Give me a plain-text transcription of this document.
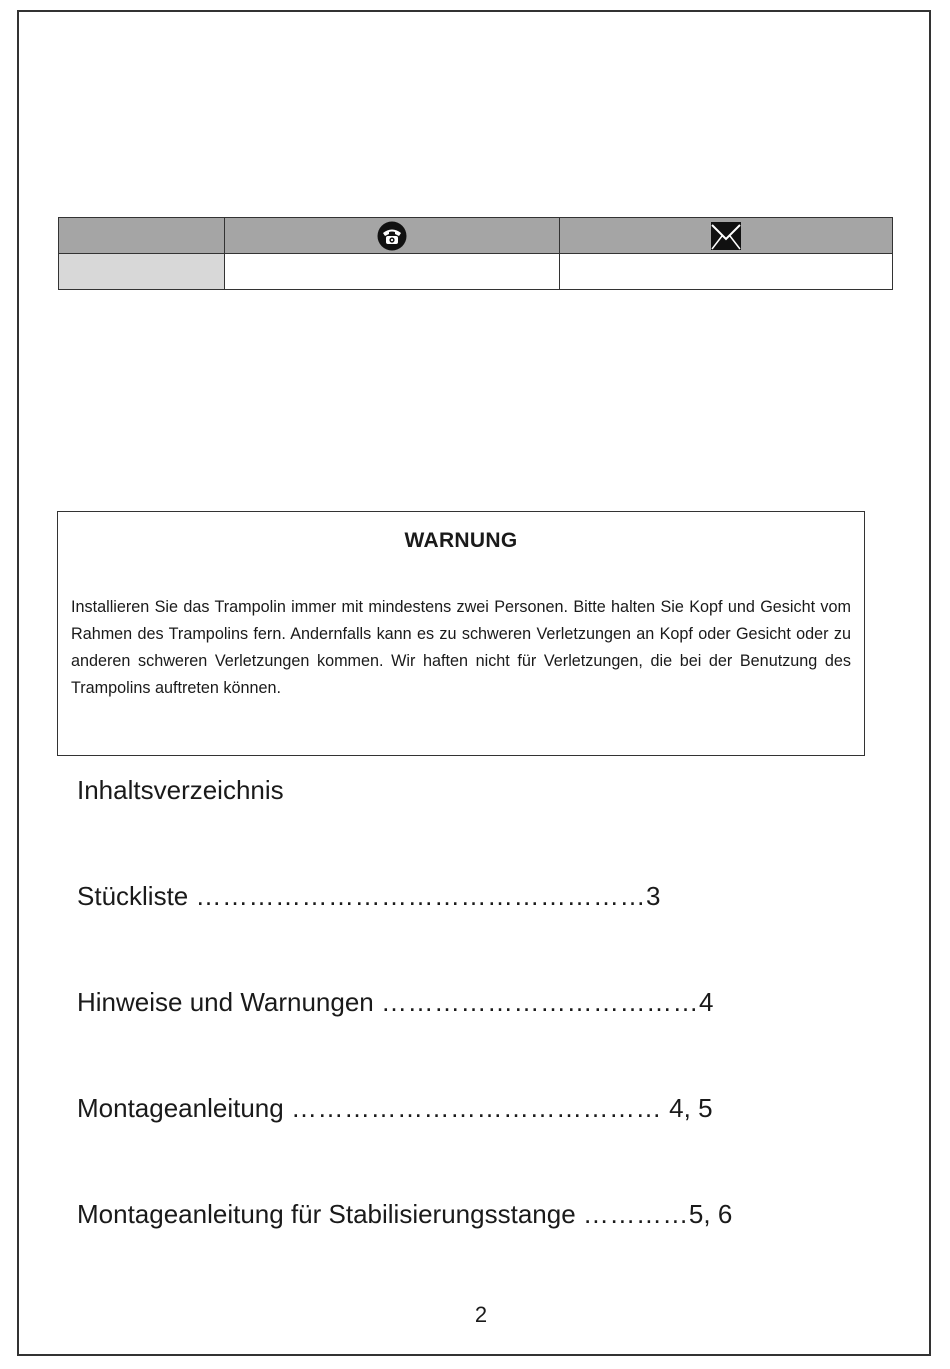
WARNUNG
Installieren Sie das Trampolin immer mit mindestens zwei Personen. Bitte halten Sie Kopf und Gesicht vom Rahmen des Trampolins fern. Andernfalls kann es zu schweren Verletzungen an Kopf oder Gesicht oder zu anderen schweren Verletzungen kommen. Wir haften nicht für Verletzungen, die bei der Benutzung des Trampolins auftreten können.
Inhaltsverzeichnis
Stückliste ……………………………………………3
Hinweise und Warnungen ………………………………4
Montageanleitung …………………………………… 4, 5
Montageanleitung für Stabilisierungsstange …………5, 6
2
